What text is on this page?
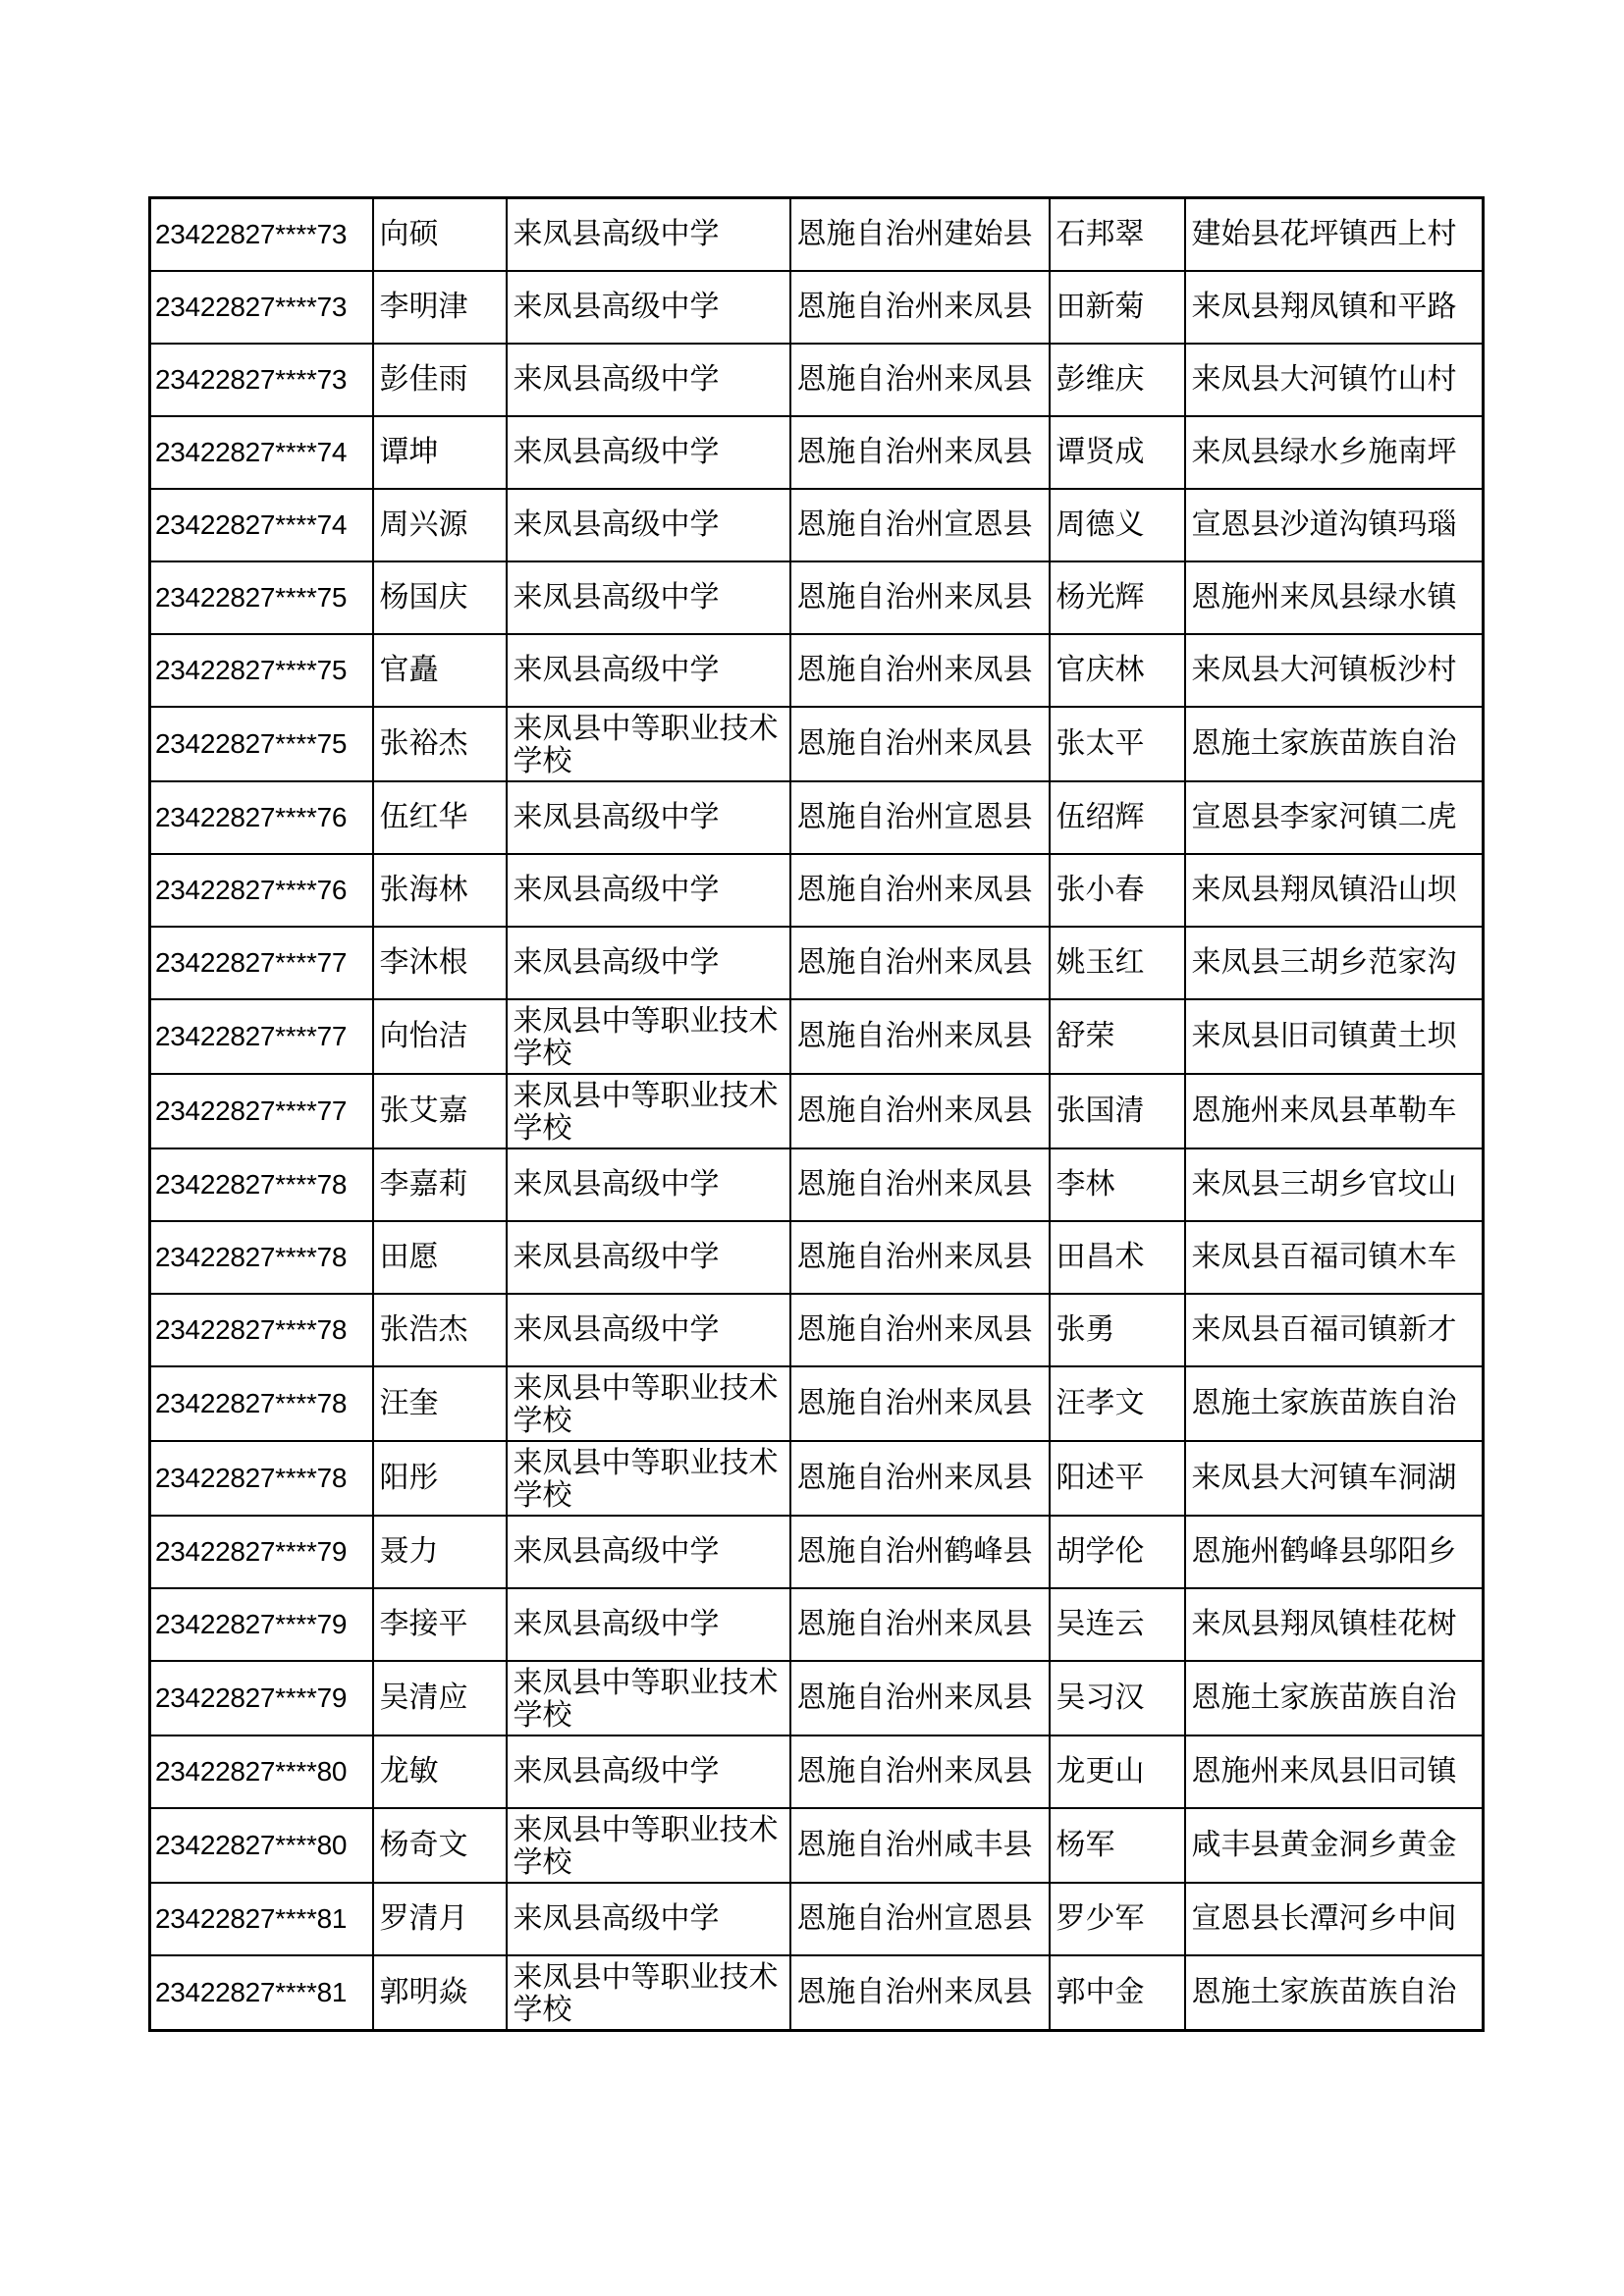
23422827****73	向硕	来凤县高级中学	恩施自治州建始县	石邦翠	建始县花坪镇西上村
23422827****73	李明津	来凤县高级中学	恩施自治州来凤县	田新菊	来凤县翔凤镇和平路
23422827****73	彭佳雨	来凤县高级中学	恩施自治州来凤县	彭维庆	来凤县大河镇竹山村
23422827****74	谭坤	来凤县高级中学	恩施自治州来凤县	谭贤成	来凤县绿水乡施南坪
23422827****74	周兴源	来凤县高级中学	恩施自治州宣恩县	周德义	宣恩县沙道沟镇玛瑙
23422827****75	杨国庆	来凤县高级中学	恩施自治州来凤县	杨光辉	恩施州来凤县绿水镇
23422827****75	官矗	来凤县高级中学	恩施自治州来凤县	官庆林	来凤县大河镇板沙村
23422827****75	张裕杰	来凤县中等职业技术学校	恩施自治州来凤县	张太平	恩施土家族苗族自治
23422827****76	伍红华	来凤县高级中学	恩施自治州宣恩县	伍绍辉	宣恩县李家河镇二虎
23422827****76	张海林	来凤县高级中学	恩施自治州来凤县	张小春	来凤县翔凤镇沿山坝
23422827****77	李沐根	来凤县高级中学	恩施自治州来凤县	姚玉红	来凤县三胡乡范家沟
23422827****77	向怡洁	来凤县中等职业技术学校	恩施自治州来凤县	舒荣	来凤县旧司镇黄土坝
23422827****77	张艾嘉	来凤县中等职业技术学校	恩施自治州来凤县	张国清	恩施州来凤县革勒车
23422827****78	李嘉莉	来凤县高级中学	恩施自治州来凤县	李林	来凤县三胡乡官坟山
23422827****78	田愿	来凤县高级中学	恩施自治州来凤县	田昌术	来凤县百福司镇木车
23422827****78	张浩杰	来凤县高级中学	恩施自治州来凤县	张勇	来凤县百福司镇新才
23422827****78	汪奎	来凤县中等职业技术学校	恩施自治州来凤县	汪孝文	恩施土家族苗族自治
23422827****78	阳彤	来凤县中等职业技术学校	恩施自治州来凤县	阳述平	来凤县大河镇车洞湖
23422827****79	聂力	来凤县高级中学	恩施自治州鹤峰县	胡学伦	恩施州鹤峰县邬阳乡
23422827****79	李接平	来凤县高级中学	恩施自治州来凤县	吴连云	来凤县翔凤镇桂花树
23422827****79	吴清应	来凤县中等职业技术学校	恩施自治州来凤县	吴习汉	恩施土家族苗族自治
23422827****80	龙敏	来凤县高级中学	恩施自治州来凤县	龙更山	恩施州来凤县旧司镇
23422827****80	杨奇文	来凤县中等职业技术学校	恩施自治州咸丰县	杨军	咸丰县黄金洞乡黄金
23422827****81	罗清月	来凤县高级中学	恩施自治州宣恩县	罗少军	宣恩县长潭河乡中间
23422827****81	郭明焱	来凤县中等职业技术学校	恩施自治州来凤县	郭中金	恩施土家族苗族自治
